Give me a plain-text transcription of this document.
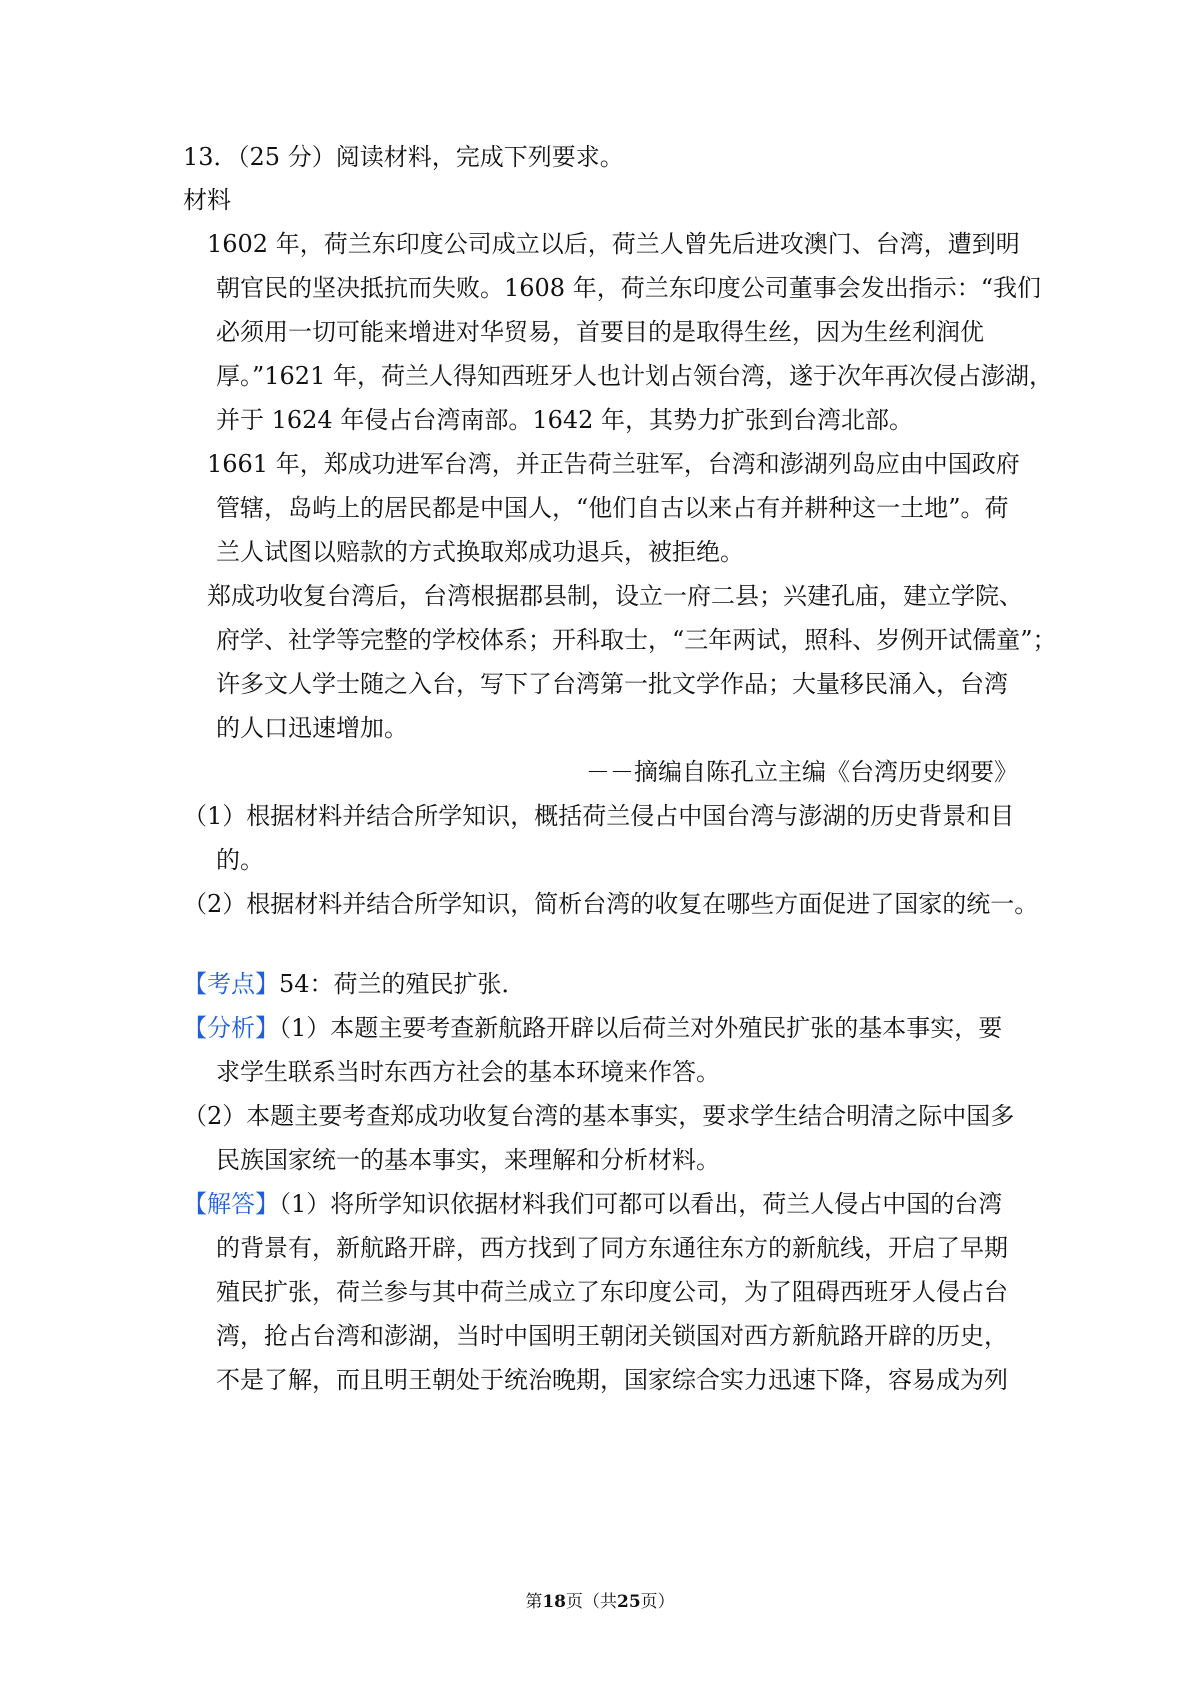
13．（25 分）阅读材料，完成下列要求。
材料
1602 年，荷兰东印度公司成立以后，荷兰人曾先后进攻澳门、台湾，遭到明
朝官民的坚决抵抗而失败。1608 年，荷兰东印度公司董事会发出指示：“我们
必须用一切可能来增进对华贸易，首要目的是取得生丝，因为生丝利润优
厚。”1621 年，荷兰人得知西班牙人也计划占领台湾，遂于次年再次侵占澎湖，
并于 1624 年侵占台湾南部。1642 年，其势力扩张到台湾北部。
1661 年，郑成功进军台湾，并正告荷兰驻军，台湾和澎湖列岛应由中国政府
管辖，岛屿上的居民都是中国人，“他们自古以来占有并耕种这一土地”。荷
兰人试图以赔款的方式换取郑成功退兵，被拒绝。
郑成功收复台湾后，台湾根据郡县制，设立一府二县；兴建孔庙，建立学院、
府学、社学等完整的学校体系；开科取士，“三年两试，照科、岁例开试儒童”；
许多文人学士随之入台，写下了台湾第一批文学作品；大量移民涌入，台湾
的人口迅速增加。
－－摘编自陈孔立主编《台湾历史纲要》
（1）根据材料并结合所学知识，概括荷兰侵占中国台湾与澎湖的历史背景和目
的。
（2）根据材料并结合所学知识，简析台湾的收复在哪些方面促进了国家的统一。
【考点】54：荷兰的殖民扩张．
【分析】（1）本题主要考查新航路开辟以后荷兰对外殖民扩张的基本事实，要
求学生联系当时东西方社会的基本环境来作答。
（2）本题主要考查郑成功收复台湾的基本事实，要求学生结合明清之际中国多
民族国家统一的基本事实，来理解和分析材料。
【解答】（1）将所学知识依据材料我们可都可以看出，荷兰人侵占中国的台湾
的背景有，新航路开辟，西方找到了同方东通往东方的新航线，开启了早期
殖民扩张，荷兰参与其中荷兰成立了东印度公司，为了阻碍西班牙人侵占台
湾，抢占台湾和澎湖，当时中国明王朝闭关锁国对西方新航路开辟的历史，
不是了解，而且明王朝处于统治晚期，国家综合实力迅速下降，容易成为列
第18页（共25页）
